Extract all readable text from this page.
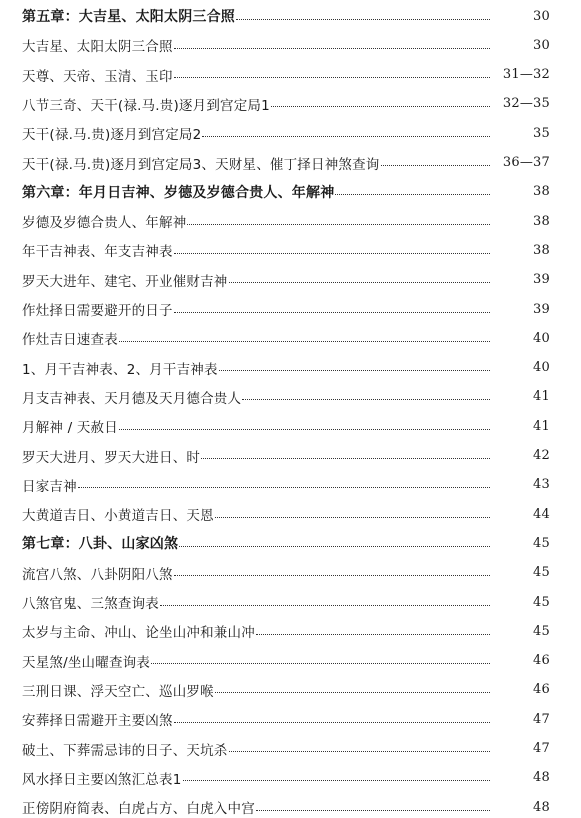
第五章：大吉星、太阳太阴三合照	30
大吉星、太阳太阴三合照	30
天尊、天帝、玉清、玉印	31—32
八节三奇、天干(禄.马.贵)逐月到宫定局1	32—35
天干(禄.马.贵)逐月到宫定局2	35
天干(禄.马.贵)逐月到宫定局3、天财星、催丁择日神煞查询	36—37
第六章：年月日吉神、岁德及岁德合贵人、年解神	38
岁德及岁德合贵人、年解神	38
年干吉神表、年支吉神表	38
罗天大进年、建宅、开业催财吉神	39
作灶择日需要避开的日子	39
作灶吉日速查表	40
1、月干吉神表、2、月干吉神表	40
月支吉神表、天月德及天月德合贵人	41
月解神 / 天赦日	41
罗天大进月、罗天大进日、时	42
日家吉神	43
大黄道吉日、小黄道吉日、天恩	44
第七章：八卦、山家凶煞	45
流宫八煞、八卦阴阳八煞	45
八煞官鬼、三煞查询表	45
太岁与主命、冲山、论坐山冲和兼山冲	45
天星煞/坐山曜查询表	46
三刑日课、浮天空亡、巡山罗喉	46
安葬择日需避开主要凶煞	47
破土、下葬需忌讳的日子、天坑杀	47
风水择日主要凶煞汇总表1	48
正傍阴府简表、白虎占方、白虎入中宫	48
